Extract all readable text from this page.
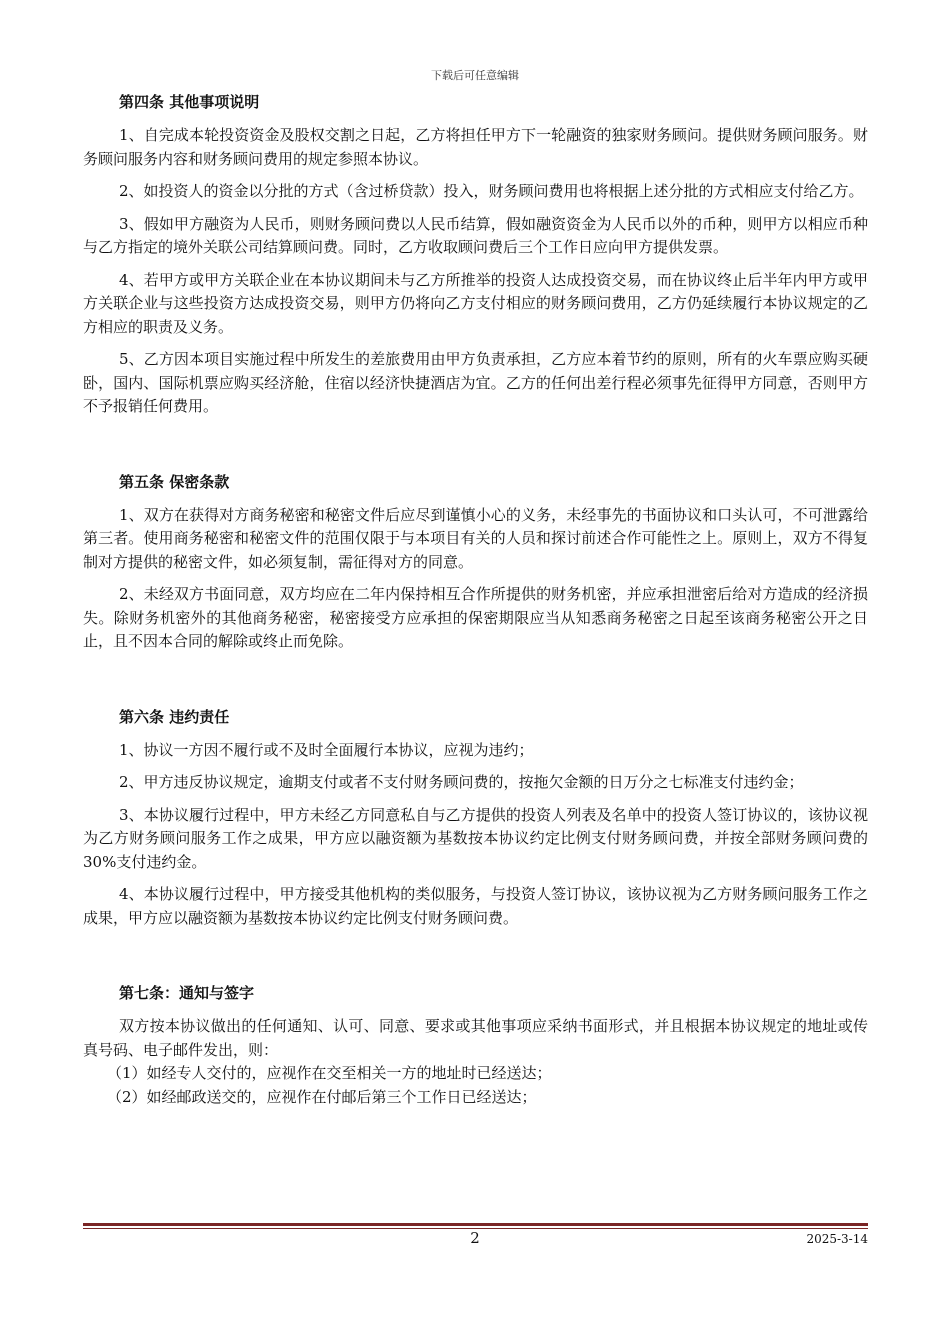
下载后可任意编辑
第四条 其他事项说明

1、自完成本轮投资资金及股权交割之日起，乙方将担任甲方下一轮融资的独家财务顾问。提供财务顾问服务。财务顾问服务内容和财务顾问费用的规定参照本协议。

2、如投资人的资金以分批的方式（含过桥贷款）投入，财务顾问费用也将根据上述分批的方式相应支付给乙方。

3、假如甲方融资为人民币，则财务顾问费以人民币结算，假如融资资金为人民币以外的币种，则甲方以相应币种与乙方指定的境外关联公司结算顾问费。同时，乙方收取顾问费后三个工作日应向甲方提供发票。

4、若甲方或甲方关联企业在本协议期间未与乙方所推举的投资人达成投资交易，而在协议终止后半年内甲方或甲方关联企业与这些投资方达成投资交易，则甲方仍将向乙方支付相应的财务顾问费用，乙方仍延续履行本协议规定的乙方相应的职责及义务。

5、乙方因本项目实施过程中所发生的差旅费用由甲方负责承担，乙方应本着节约的原则，所有的火车票应购买硬卧，国内、国际机票应购买经济舱，住宿以经济快捷酒店为宜。乙方的任何出差行程必须事先征得甲方同意，否则甲方不予报销任何费用。

第五条 保密条款

1、双方在获得对方商务秘密和秘密文件后应尽到谨慎小心的义务，未经事先的书面协议和口头认可，不可泄露给第三者。使用商务秘密和秘密文件的范围仅限于与本项目有关的人员和探讨前述合作可能性之上。原则上，双方不得复制对方提供的秘密文件，如必须复制，需征得对方的同意。

2、未经双方书面同意，双方均应在二年内保持相互合作所提供的财务机密，并应承担泄密后给对方造成的经济损失。除财务机密外的其他商务秘密，秘密接受方应承担的保密期限应当从知悉商务秘密之日起至该商务秘密公开之日止，且不因本合同的解除或终止而免除。

第六条 违约责任

1、协议一方因不履行或不及时全面履行本协议，应视为违约；

2、甲方违反协议规定，逾期支付或者不支付财务顾问费的，按拖欠金额的日万分之七标准支付违约金；

3、本协议履行过程中，甲方未经乙方同意私自与乙方提供的投资人列表及名单中的投资人签订协议的，该协议视为乙方财务顾问服务工作之成果，甲方应以融资额为基数按本协议约定比例支付财务顾问费，并按全部财务顾问费的30%支付违约金。

4、本协议履行过程中，甲方接受其他机构的类似服务，与投资人签订协议，该协议视为乙方财务顾问服务工作之成果，甲方应以融资额为基数按本协议约定比例支付财务顾问费。

第七条：通知与签字

双方按本协议做出的任何通知、认可、同意、要求或其他事项应采纳书面形式，并且根据本协议规定的地址或传真号码、电子邮件发出，则：

（1）如经专人交付的，应视作在交至相关一方的地址时已经送达；

（2）如经邮政送交的，应视作在付邮后第三个工作日已经送达；

2	2025-3-14
